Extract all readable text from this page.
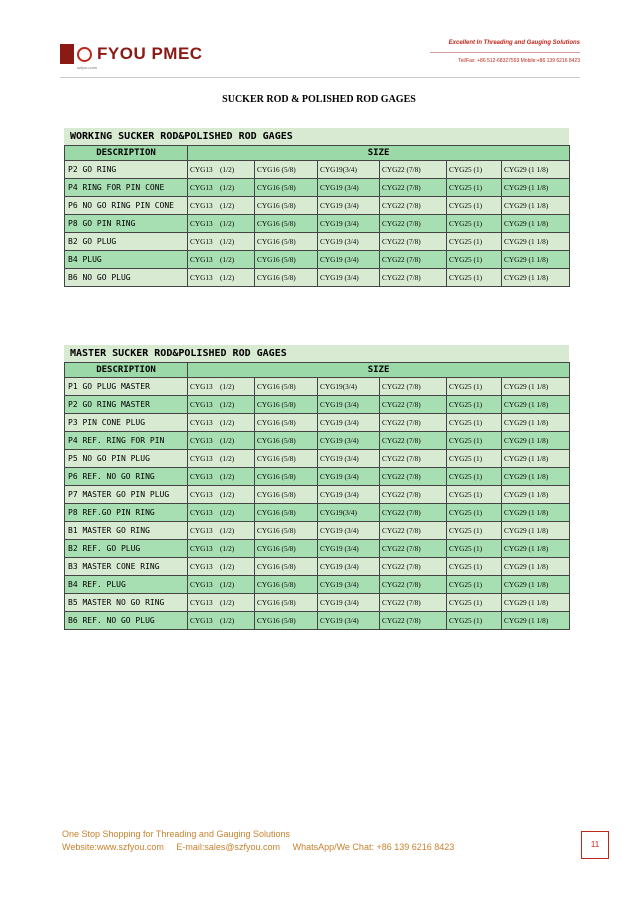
FYOU PMEC
szfyou.com
Excellent In Threading and Gauging Solutions
Tel/Fax: +86 512-68327593 Mobile:+86 139 6216 8423
SUCKER ROD & POLISHED ROD GAGES
WORKING SUCKER ROD&POLISHED ROD GAGES
DESCRIPTION	SIZE					
P2 GO RING	CYG13　(1/2)	CYG16 (5/8)	CYG19(3/4)	CYG22 (7/8)	CYG25 (1)	CYG29 (1 1/8)
P4 RING FOR PIN CONE	CYG13　(1/2)	CYG16 (5/8)	CYG19 (3/4)	CYG22 (7/8)	CYG25 (1)	CYG29 (1 1/8)
P6 NO GO RING PIN CONE	CYG13　(1/2)	CYG16 (5/8)	CYG19 (3/4)	CYG22 (7/8)	CYG25 (1)	CYG29 (1 1/8)
P8 GO PIN RING	CYG13　(1/2)	CYG16 (5/8)	CYG19 (3/4)	CYG22 (7/8)	CYG25 (1)	CYG29 (1 1/8)
B2 GO PLUG	CYG13　(1/2)	CYG16 (5/8)	CYG19 (3/4)	CYG22 (7/8)	CYG25 (1)	CYG29 (1 1/8)
B4 PLUG	CYG13　(1/2)	CYG16 (5/8)	CYG19 (3/4)	CYG22 (7/8)	CYG25 (1)	CYG29 (1 1/8)
B6 NO GO PLUG	CYG13　(1/2)	CYG16 (5/8)	CYG19 (3/4)	CYG22 (7/8)	CYG25 (1)	CYG29 (1 1/8)
MASTER SUCKER ROD&POLISHED ROD GAGES
DESCRIPTION	SIZE					
P1 GO PLUG MASTER	CYG13　(1/2)	CYG16 (5/8)	CYG19(3/4)	CYG22 (7/8)	CYG25 (1)	CYG29 (1 1/8)
P2 GO RING MASTER	CYG13　(1/2)	CYG16 (5/8)	CYG19 (3/4)	CYG22 (7/8)	CYG25 (1)	CYG29 (1 1/8)
P3 PIN CONE PLUG	CYG13　(1/2)	CYG16 (5/8)	CYG19 (3/4)	CYG22 (7/8)	CYG25 (1)	CYG29 (1 1/8)
P4 REF. RING FOR PIN	CYG13　(1/2)	CYG16 (5/8)	CYG19 (3/4)	CYG22 (7/8)	CYG25 (1)	CYG29 (1 1/8)
P5 NO GO PIN PLUG	CYG13　(1/2)	CYG16 (5/8)	CYG19 (3/4)	CYG22 (7/8)	CYG25 (1)	CYG29 (1 1/8)
P6 REF. NO GO RING	CYG13　(1/2)	CYG16 (5/8)	CYG19 (3/4)	CYG22 (7/8)	CYG25 (1)	CYG29 (1 1/8)
P7 MASTER GO PIN PLUG	CYG13　(1/2)	CYG16 (5/8)	CYG19 (3/4)	CYG22 (7/8)	CYG25 (1)	CYG29 (1 1/8)
P8 REF.GO PIN RING	CYG13　(1/2)	CYG16 (5/8)	CYG19(3/4)	CYG22 (7/8)	CYG25 (1)	CYG29 (1 1/8)
B1 MASTER GO RING	CYG13　(1/2)	CYG16 (5/8)	CYG19 (3/4)	CYG22 (7/8)	CYG25 (1)	CYG29 (1 1/8)
B2 REF. GO PLUG	CYG13　(1/2)	CYG16 (5/8)	CYG19 (3/4)	CYG22 (7/8)	CYG25 (1)	CYG29 (1 1/8)
B3 MASTER CONE RING	CYG13　(1/2)	CYG16 (5/8)	CYG19 (3/4)	CYG22 (7/8)	CYG25 (1)	CYG29 (1 1/8)
B4 REF. PLUG	CYG13　(1/2)	CYG16 (5/8)	CYG19 (3/4)	CYG22 (7/8)	CYG25 (1)	CYG29 (1 1/8)
B5 MASTER NO GO RING	CYG13　(1/2)	CYG16 (5/8)	CYG19 (3/4)	CYG22 (7/8)	CYG25 (1)	CYG29 (1 1/8)
B6 REF. NO GO PLUG	CYG13　(1/2)	CYG16 (5/8)	CYG19 (3/4)	CYG22 (7/8)	CYG25 (1)	CYG29 (1 1/8)
One Stop Shopping for Threading and Gauging Solutions
Website:www.szfyou.com E-mail:sales@szfyou.com WhatsApp/We Chat: +86 139 6216 8423	11
